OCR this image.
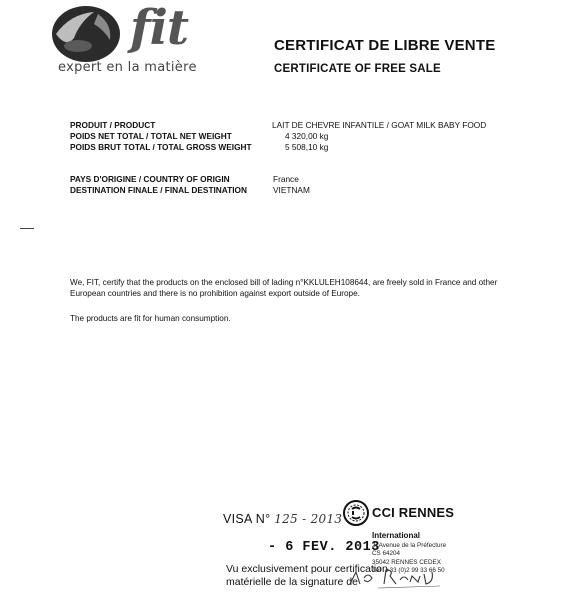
fit
expert en la matière
CERTIFICAT DE LIBRE VENTE
CERTIFICATE OF FREE SALE
PRODUIT / PRODUCT	LAIT DE CHEVRE INFANTILE / GOAT MILK BABY FOOD
POIDS NET TOTAL / TOTAL NET WEIGHT	4 320,00 kg
POIDS BRUT TOTAL / TOTAL GROSS WEIGHT	5 508,10 kg
PAYS D'ORIGINE / COUNTRY OF ORIGIN	France
DESTINATION FINALE / FINAL DESTINATION	VIETNAM
We, FIT, certify that the products on the enclosed bill of lading n°KKLULEH108644, are freely sold in France and other
European countries and there is no prohibition against export outside of Europe.
The products are fit for human consumption.
VISA N° 125 - 2013
- 6 FEV. 2013
Vu exclusivement pour certification
matérielle de la signature de
CCI RENNES
International
2, Avenue de la Préfecture
CS 64204
35042 RENNES CEDEX
Tél : +33 (0)2 99 33 66 50
